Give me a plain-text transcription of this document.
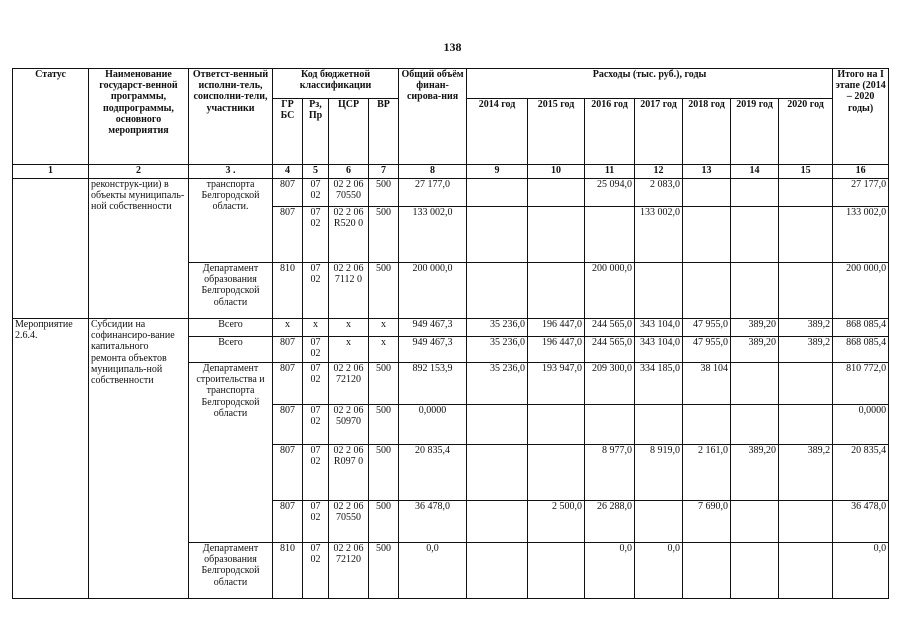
138
Статус	Наименование государст-венной программы, подпрограммы, основного мероприятия	Ответст-венный исполни-тель, соисполни-тели, участники	Код бюджетной классификации				Общий объём финан-сирова-ния	Расходы (тыс. руб.), годы							Итого на I этапе (2014 – 2020 годы)
			ГР БС	Рз, Пр	ЦСР	ВР		2014 год	2015 год	2016 год	2017 год	2018 год	2019 год	2020 год	
1	2	3 .	4	5	6	7	8	9	10	11	12	13	14	15	16
	реконструк-ции) в объекты муниципаль-ной собственности	транспорта Белгородской области.	807	07 02	02 2 06 70550	500	27 177,0			25 094,0	2 083,0				27 177,0
			807	07 02	02 2 06 R520 0	500	133 002,0				133 002,0				133 002,0
		Департамент образования Белгородской области	810	07 02	02 2 06 7112 0	500	200 000,0			200 000,0					200 000,0
Мероприятие 2.6.4.	Субсидии на софинансиро-вание капитального ремонта объектов муниципаль-ной собственности	Всего	х	х	х	х	949 467,3	35 236,0	196 447,0	244 565,0	343 104,0	47 955,0	389,20	389,2	868 085,4
		Всего	807	07 02	х	х	949 467,3	35 236,0	196 447,0	244 565,0	343 104,0	47 955,0	389,20	389,2	868 085,4
		Департамент строительства и транспорта Белгородской области	807	07 02	02 2 06 72120	500	892 153,9	35 236,0	193 947,0	209 300,0	334 185,0	38 104			810 772,0
			807	07 02	02 2 06 50970	500	0,0000								0,0000
			807	07 02	02 2 06 R097 0	500	20 835,4			8 977,0	8 919,0	2 161,0	389,20	389,2	20 835,4
			807	07 02	02 2 06 70550	500	36 478,0		2 500,0	26 288,0		7 690,0			36 478,0
		Департамент образования Белгородской области	810	07 02	02 2 06 72120	500	0,0			0,0	0,0				0,0
